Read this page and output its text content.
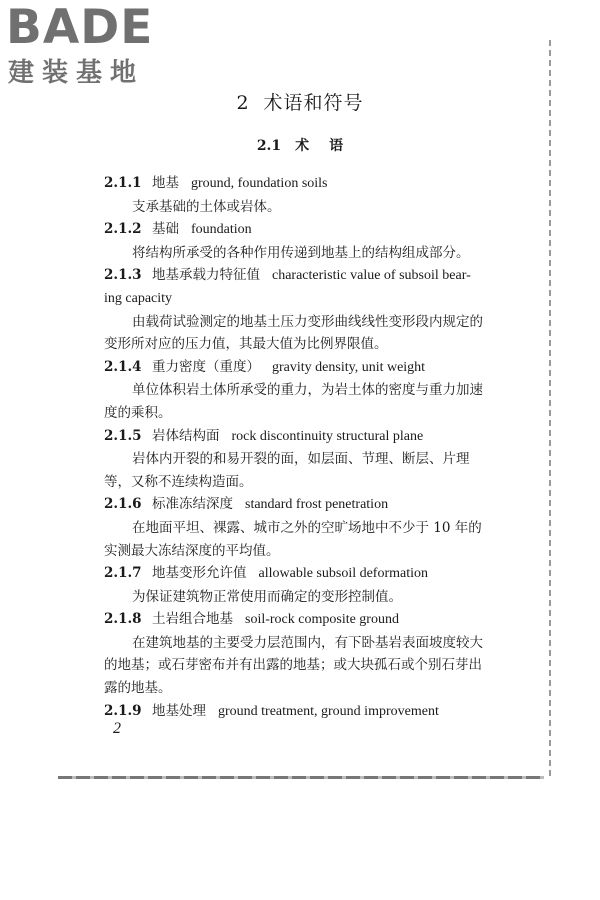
BADE
建装基地
2 术语和符号
2.1 术 语
2.1.1 地基 ground, foundation soils
支承基础的土体或岩体。
2.1.2 基础 foundation
将结构所承受的各种作用传递到地基上的结构组成部分。
2.1.3 地基承载力特征值 characteristic value of subsoil bear-
ing capacity
由载荷试验测定的地基土压力变形曲线线性变形段内规定的
变形所对应的压力值，其最大值为比例界限值。
2.1.4 重力密度（重度） gravity density, unit weight
单位体积岩土体所承受的重力，为岩土体的密度与重力加速
度的乘积。
2.1.5 岩体结构面 rock discontinuity structural plane
岩体内开裂的和易开裂的面，如层面、节理、断层、片理
等，又称不连续构造面。
2.1.6 标准冻结深度 standard frost penetration
在地面平坦、裸露、城市之外的空旷场地中不少于 10 年的
实测最大冻结深度的平均值。
2.1.7 地基变形允许值 allowable subsoil deformation
为保证建筑物正常使用而确定的变形控制值。
2.1.8 土岩组合地基 soil-rock composite ground
在建筑地基的主要受力层范围内，有下卧基岩表面坡度较大
的地基；或石芽密布并有出露的地基；或大块孤石或个别石芽出
露的地基。
2.1.9 地基处理 ground treatment, ground improvement
2
